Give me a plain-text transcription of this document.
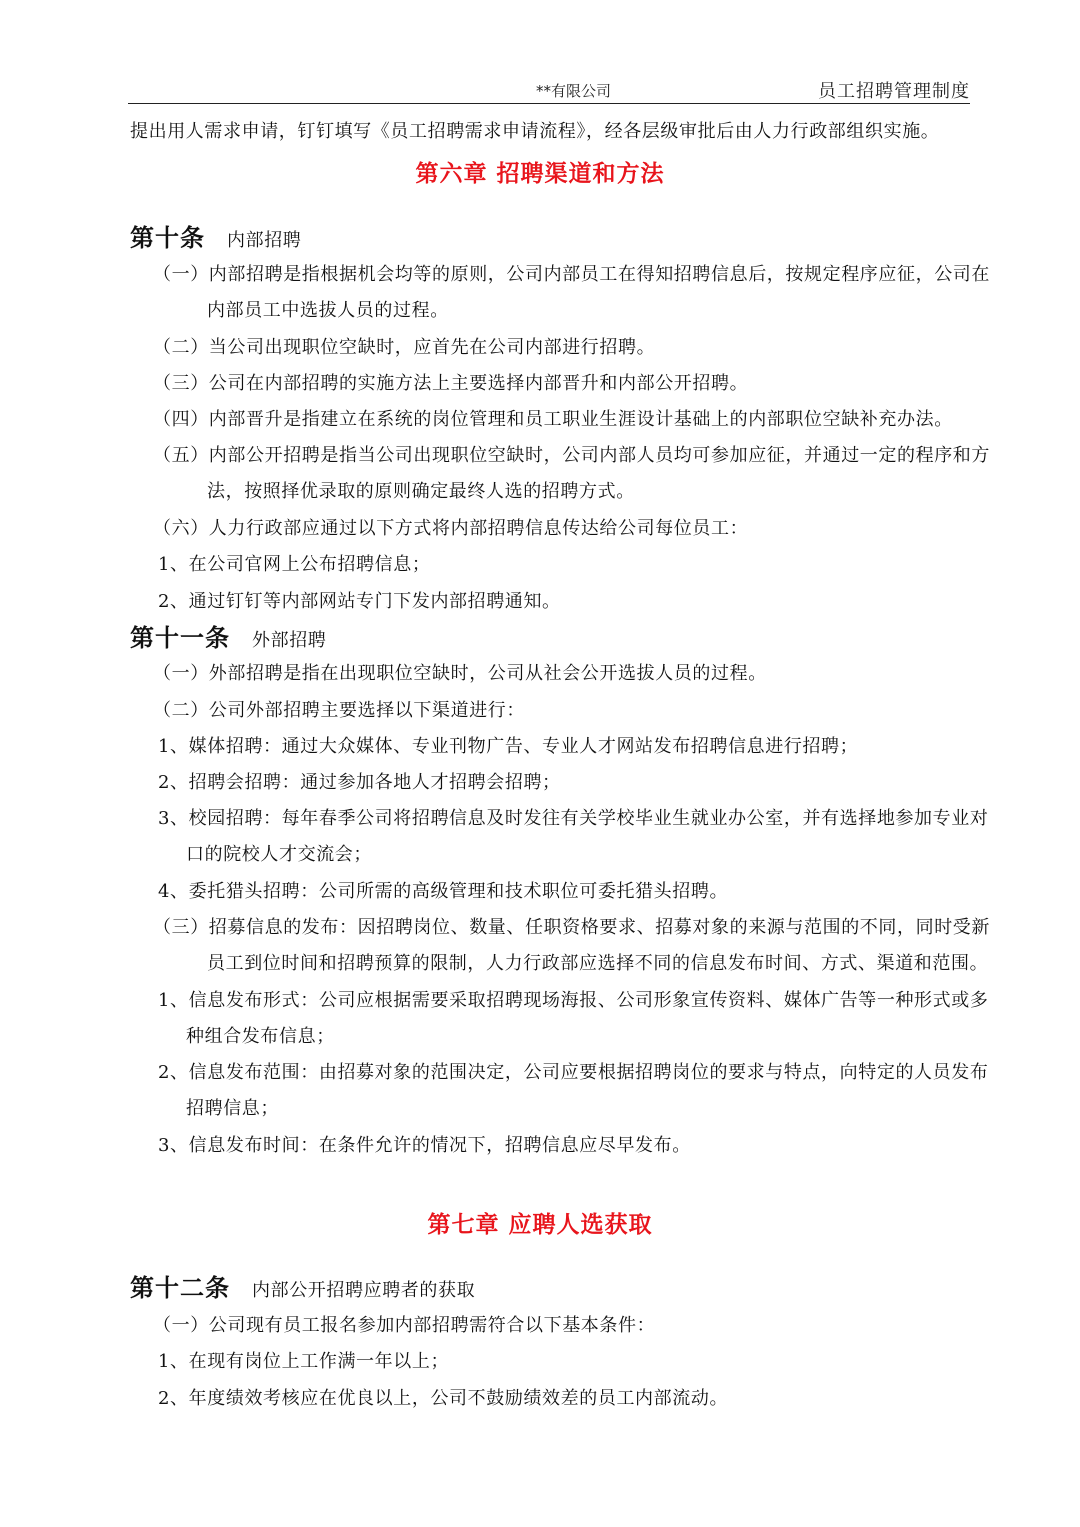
**有限公司	员工招聘管理制度
提出用人需求申请，钉钉填写《员工招聘需求申请流程》，经各层级审批后由人力行政部组织实施。
第六章 招聘渠道和方法
第十条 内部招聘
（一）内部招聘是指根据机会均等的原则，公司内部员工在得知招聘信息后，按规定程序应征，公司在
内部员工中选拔人员的过程。
（二）当公司出现职位空缺时，应首先在公司内部进行招聘。
（三）公司在内部招聘的实施方法上主要选择内部晋升和内部公开招聘。
（四）内部晋升是指建立在系统的岗位管理和员工职业生涯设计基础上的内部职位空缺补充办法。
（五）内部公开招聘是指当公司出现职位空缺时，公司内部人员均可参加应征，并通过一定的程序和方
法，按照择优录取的原则确定最终人选的招聘方式。
（六）人力行政部应通过以下方式将内部招聘信息传达给公司每位员工：
1、在公司官网上公布招聘信息；
2、通过钉钉等内部网站专门下发内部招聘通知。
第十一条 外部招聘
（一）外部招聘是指在出现职位空缺时，公司从社会公开选拔人员的过程。
（二）公司外部招聘主要选择以下渠道进行：
1、媒体招聘：通过大众媒体、专业刊物广告、专业人才网站发布招聘信息进行招聘；
2、招聘会招聘：通过参加各地人才招聘会招聘；
3、校园招聘：每年春季公司将招聘信息及时发往有关学校毕业生就业办公室，并有选择地参加专业对
口的院校人才交流会；
4、委托猎头招聘：公司所需的高级管理和技术职位可委托猎头招聘。
（三）招募信息的发布：因招聘岗位、数量、任职资格要求、招募对象的来源与范围的不同，同时受新
员工到位时间和招聘预算的限制，人力行政部应选择不同的信息发布时间、方式、渠道和范围。
1、信息发布形式：公司应根据需要采取招聘现场海报、公司形象宣传资料、媒体广告等一种形式或多
种组合发布信息；
2、信息发布范围：由招募对象的范围决定，公司应要根据招聘岗位的要求与特点，向特定的人员发布
招聘信息；
3、信息发布时间：在条件允许的情况下，招聘信息应尽早发布。
第七章 应聘人选获取
第十二条 内部公开招聘应聘者的获取
（一）公司现有员工报名参加内部招聘需符合以下基本条件：
1、在现有岗位上工作满一年以上；
2、年度绩效考核应在优良以上，公司不鼓励绩效差的员工内部流动。
